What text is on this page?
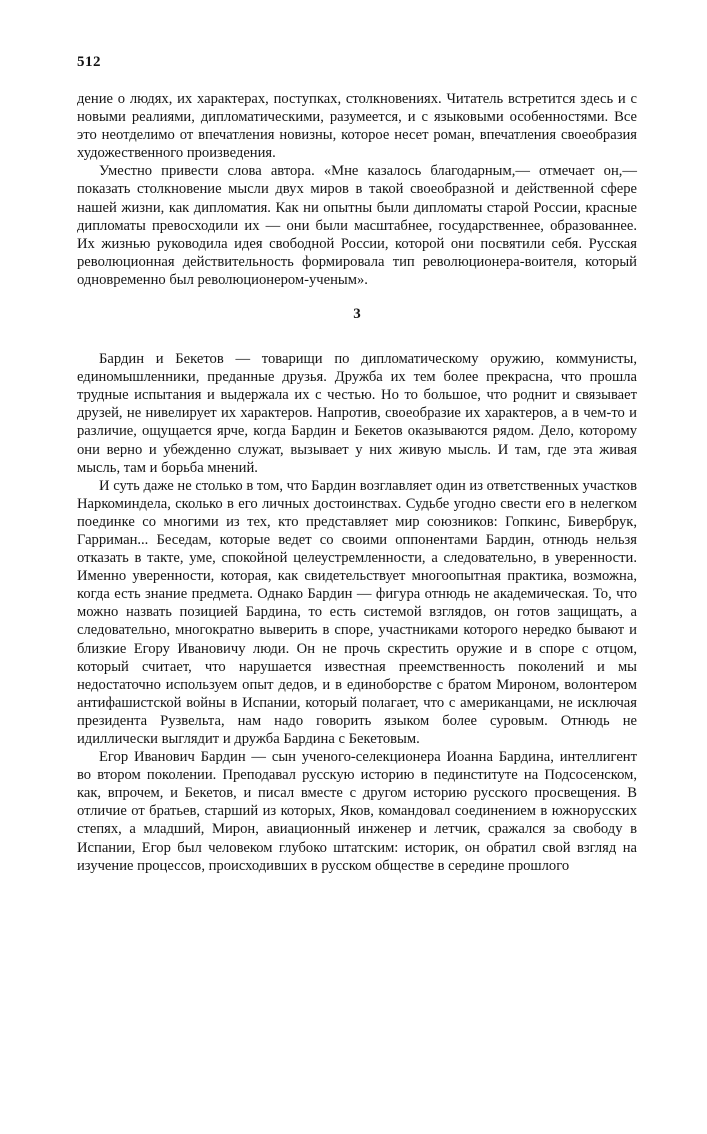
512

дение о людях, их характерах, поступках, столкновениях. Читатель встретится здесь и с новыми реалиями, дипломатическими, разумеется, и с языковыми особенностями. Все это неотделимо от впечатления новизны, которое несет роман, впечатления своеобразия художественного произведения.

Уместно привести слова автора. «Мне казалось благодарным,— отмечает он,— показать столкновение мысли двух миров в такой своеобразной и действенной сфере нашей жизни, как дипломатия. Как ни опытны были дипломаты старой России, красные дипломаты превосходили их — они были масштабнее, государственнее, обрaзованнее. Их жизнью руководила идея свободной России, которой они посвятили себя. Русская революционная действительность формировала тип революционера-воителя, который одновременно был революционером-ученым».

3

Бардин и Бекетов — товарищи по дипломатическому оружию, коммунисты, единомышленники, преданные друзья. Дружба их тем более прекрасна, что прошла трудные испытания и выдержала их с честью. Но то большое, что роднит и связывает друзей, не нивелирует их характеров. Напротив, своеобразие их характеров, а в чем-то и различие, ощущается ярче, когда Бардин и Бекетов оказываются рядом. Дело, которому они верно и убежденно служат, вызывает у них живую мысль. И там, где эта живая мысль, там и борьба мнений.

И суть даже не столько в том, что Бардин возглавляет один из ответственных участков Наркоминдела, сколько в его личных достоинствах. Судьбе угодно свести его в нелегком поединке со многими из тех, кто представляет мир союзников: Гопкинс, Бивербрук, Гарриман... Беседам, которые ведет со своими оппонентами Бардин, отнюдь нельзя отказать в такте, уме, спокойной целеустремленности, а следовательно, в уверенности. Именно уверенности, которая, как свидетельствует многоопытная практика, возможна, когда есть знание предмета. Однако Бардин — фигура отнюдь не академическая. То, что можно назвать позицией Бардина, то есть системой взглядов, он готов защищать, а следовательно, многократно выверить в споре, участниками которого нередко бывают и близкие Егору Ивановичу люди. Он не прочь скрестить оружие и в споре с отцом, который считает, что нарушается известная преемственность поколений и мы недостаточно используем опыт дедов, и в единоборстве с братом Мироном, волонтером антифашистской войны в Испании, который полагает, что с американцами, не исключая президента Рузвельта, нам надо говорить языком более суровым. Отнюдь не идиллически выглядит и дружба Бардина с Бекетовым.

Егор Иванович Бардин — сын ученого-селекционера Иоанна Бардина, интеллигент во втором поколении. Преподавал русскую историю в пединституте на Подсосенском, как, впрочем, и Бекетов, и писал вместе с другом историю русского просвещения. В отличие от братьев, старший из которых, Яков, командовал соединением в южнорусских степях, а младший, Мирон, авиационный инженер и летчик, сражался за свободу в Испании, Егор был человеком глубоко штатским: историк, он обратил свой взгляд на изучение процессов, происходивших в русском обществе в середине прошлого
